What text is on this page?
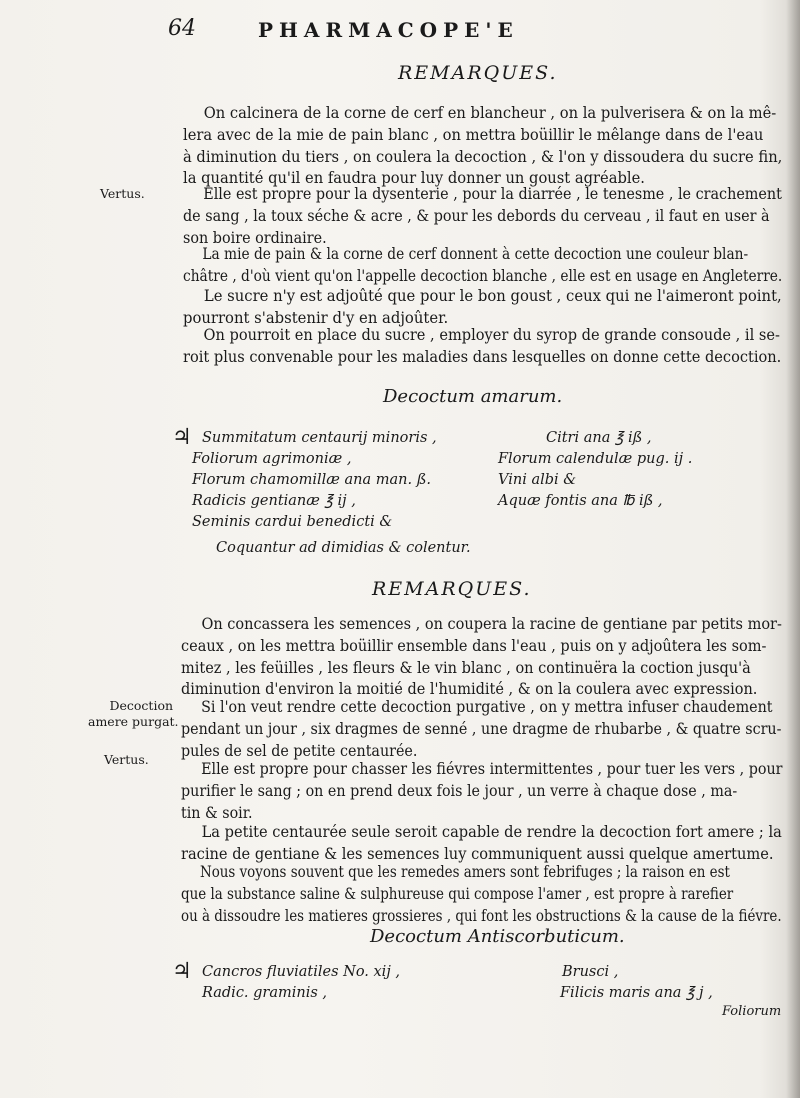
64	PHARMACOPE'E
REMARQUES.
On calcinera de la corne de cerf en blancheur , on la pulverisera & on la mê-
lera avec de la mie de pain blanc , on mettra boüillir le mêlange dans de l'eau
à diminution du tiers , on coulera la decoction , & l'on y dissoudera du sucre fin,
la quantité qu'il en faudra pour luy donner un goust agréable.
Vertus.	Elle est propre pour la dysenterie , pour la diarrée , le tenesme , le crachement
de sang , la toux séche & acre , & pour les debords du cerveau , il faut en user à
son boire ordinaire.
La mie de pain & la corne de cerf donnent à cette decoction une couleur blan-
châtre , d'où vient qu'on l'appelle decoction blanche , elle est en usage en Angleterre.
Le sucre n'y est adjoûté que pour le bon goust , ceux qui ne l'aimeront point,
pourront s'abstenir d'y en adjoûter.
On pourroit en place du sucre , employer du syrop de grande consoude , il se-
roit plus convenable pour les maladies dans lesquelles on donne cette decoction.
Decoctum amarum.
♃ Summitatum centaurij minoris ,
Foliorum agrimoniæ ,
Florum chamomillæ ana man. ß.
Radicis gentianæ ℥ ij ,
Seminis cardui benedicti &
Citri ana ℥ iß ,
Florum calendulæ pug. ij .
Vini albi &
Aquæ fontis ana ℔ iß ,
Coquantur ad dimidias & colentur.
REMARQUES.
On concassera les semences , on coupera la racine de gentiane par petits mor-
ceaux , on les mettra boüillir ensemble dans l'eau , puis on y adjoûtera les som-
mitez , les feüilles , les fleurs & le vin blanc , on continuëra la coction jusqu'à
diminution d'environ la moitié de l'humidité , & on la coulera avec expression.
Decoction
amere purgat.
Si l'on veut rendre cette decoction purgative , on y mettra infuser chaudement
pendant un jour , six dragmes de senné , une dragme de rhubarbe , & quatre scru-
pules de sel de petite centaurée.
Vertus.
Elle est propre pour chasser les fiévres intermittentes , pour tuer les vers , pour
purifier le sang ; on en prend deux fois le jour , un verre à chaque dose , ma-
tin & soir.
La petite centaurée seule seroit capable de rendre la decoction fort amere ; la
racine de gentiane & les semences luy communiquent aussi quelque amertume.
Nous voyons souvent que les remedes amers sont febrifuges ; la raison en est
que la substance saline & sulphureuse qui compose l'amer , est propre à rarefier
ou à dissoudre les matieres grossieres , qui font les obstructions & la cause de la fiévre.
Decoctum Antiscorbuticum.
♃ Cancros fluviatiles No. xij ,
Radic. graminis ,
Brusci ,
Filicis maris ana ℥ j ,
Foliorum
